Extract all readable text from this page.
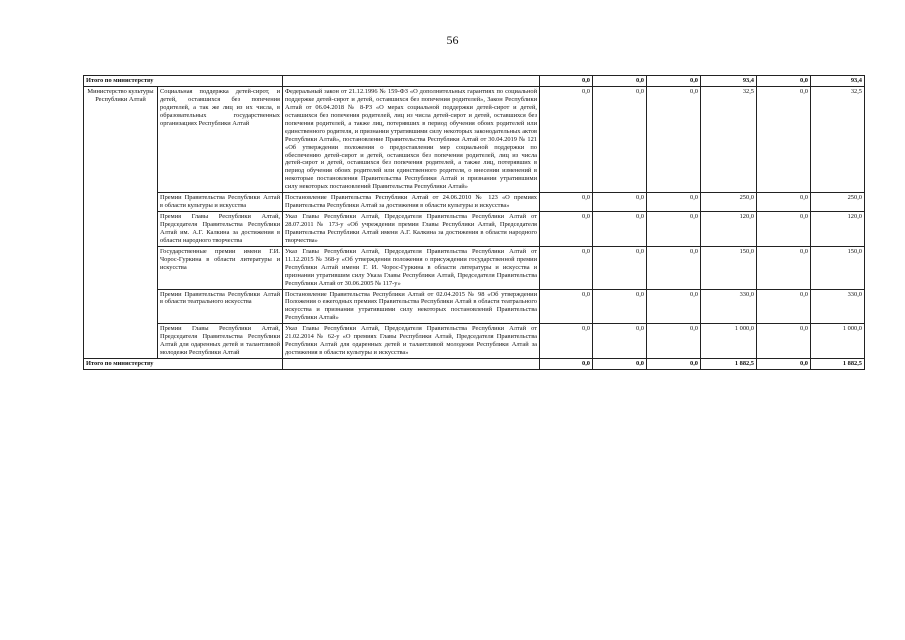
56
Итого по министерству			0,0	0,0	0,0	93,4	0,0	93,4
Министерство культуры Республики Алтай	Социальная поддержка детей-сирот, и детей, оставшихся без попечения родителей, а так же лиц из их числа, в образовательных государственных организациях Республики Алтай	Федеральный закон от 21.12.1996 № 159-ФЗ «О дополнительных гарантиях по социальной поддержке детей-сирот и детей, оставшихся без попечения родителей», Закон Республики Алтай от 06.04.2018 № 8-РЗ «О мерах социальной поддержки детей-сирот и детей, оставшихся без попечения родителей, лиц из числа детей-сирот и детей, оставшихся без попечения родителей, а также лиц, потерявших в период обучения обоих родителей или единственного родителя, и признании утратившими силу некоторых законодательных актов Республики Алтай», постановление Правительства Республики Алтай от 30.04.2019 № 121 «Об утверждении положения о предоставлении мер социальной поддержки по обеспечению детей-сирот и детей, оставшихся без попечения родителей, лиц из числа детей-сирот и детей, оставшихся без попечения родителей, а также лиц, потерявших в период обучения обоих родителей или единственного родителя, о внесении изменений в некоторые постановления Правительства Республики Алтай и признании утратившими силу некоторых постановлений Правительства Республики Алтай»	0,0	0,0	0,0	32,5	0,0	32,5
	Премии Правительства Республики Алтай в области культуры и искусства	Постановление Правительства Республики Алтай от 24.06.2010 № 123 «О премиях Правительства Республики Алтай за достижения в области культуры и искусства»	0,0	0,0	0,0	250,0	0,0	250,0
	Премия Главы Республики Алтай, Председателя Правительства Республики Алтай им. А.Г. Калкина за достижения в области народного творчества	Указ Главы Республики Алтай, Председателя Правительства Республики Алтай от 28.07.2011 № 173-у «Об учреждении премии Главы Республики Алтай, Председателя Правительства Республики Алтай имени А.Г. Калкина за достижения в области народного творчества»	0,0	0,0	0,0	120,0	0,0	120,0
	Государственные премии имени Г.И. Чорос-Гуркина в области литературы и искусства	Указ Главы Республики Алтай, Председателя Правительства Республики Алтай от 11.12.2015 № 368-у «Об утверждении положения о присуждении государственной премии Республики Алтай имени Г. И. Чорос-Гуркина в области литературы и искусства и признании утратившим силу Указа Главы Республики Алтай, Председателя Правительства Республики Алтай от 30.06.2005 № 117-у»	0,0	0,0	0,0	150,0	0,0	150,0
	Премии Правительства Республики Алтай в области театрального искусства	Постановление Правительства Республики Алтай от 02.04.2015 № 98 «Об утверждении Положения о ежегодных премиях Правительства Республики Алтай в области театрального искусства и признании утратившими силу некоторых постановлений Правительства Республики Алтай»	0,0	0,0	0,0	330,0	0,0	330,0
	Премии Главы Республики Алтай, Председателя Правительства Республики Алтай для одаренных детей и талантливой молодежи Республики Алтай	Указ Главы Республики Алтай, Председателя Правительства Республики Алтай от 21.02.2014 № 62-у «О премиях Главы Республики Алтай, Председателя Правительства Республики Алтай для одаренных детей и талантливой молодежи Республики Алтай за достижения в области культуры и искусства»	0,0	0,0	0,0	1 000,0	0,0	1 000,0
Итого по министерству			0,0	0,0	0,0	1 882,5	0,0	1 882,5
